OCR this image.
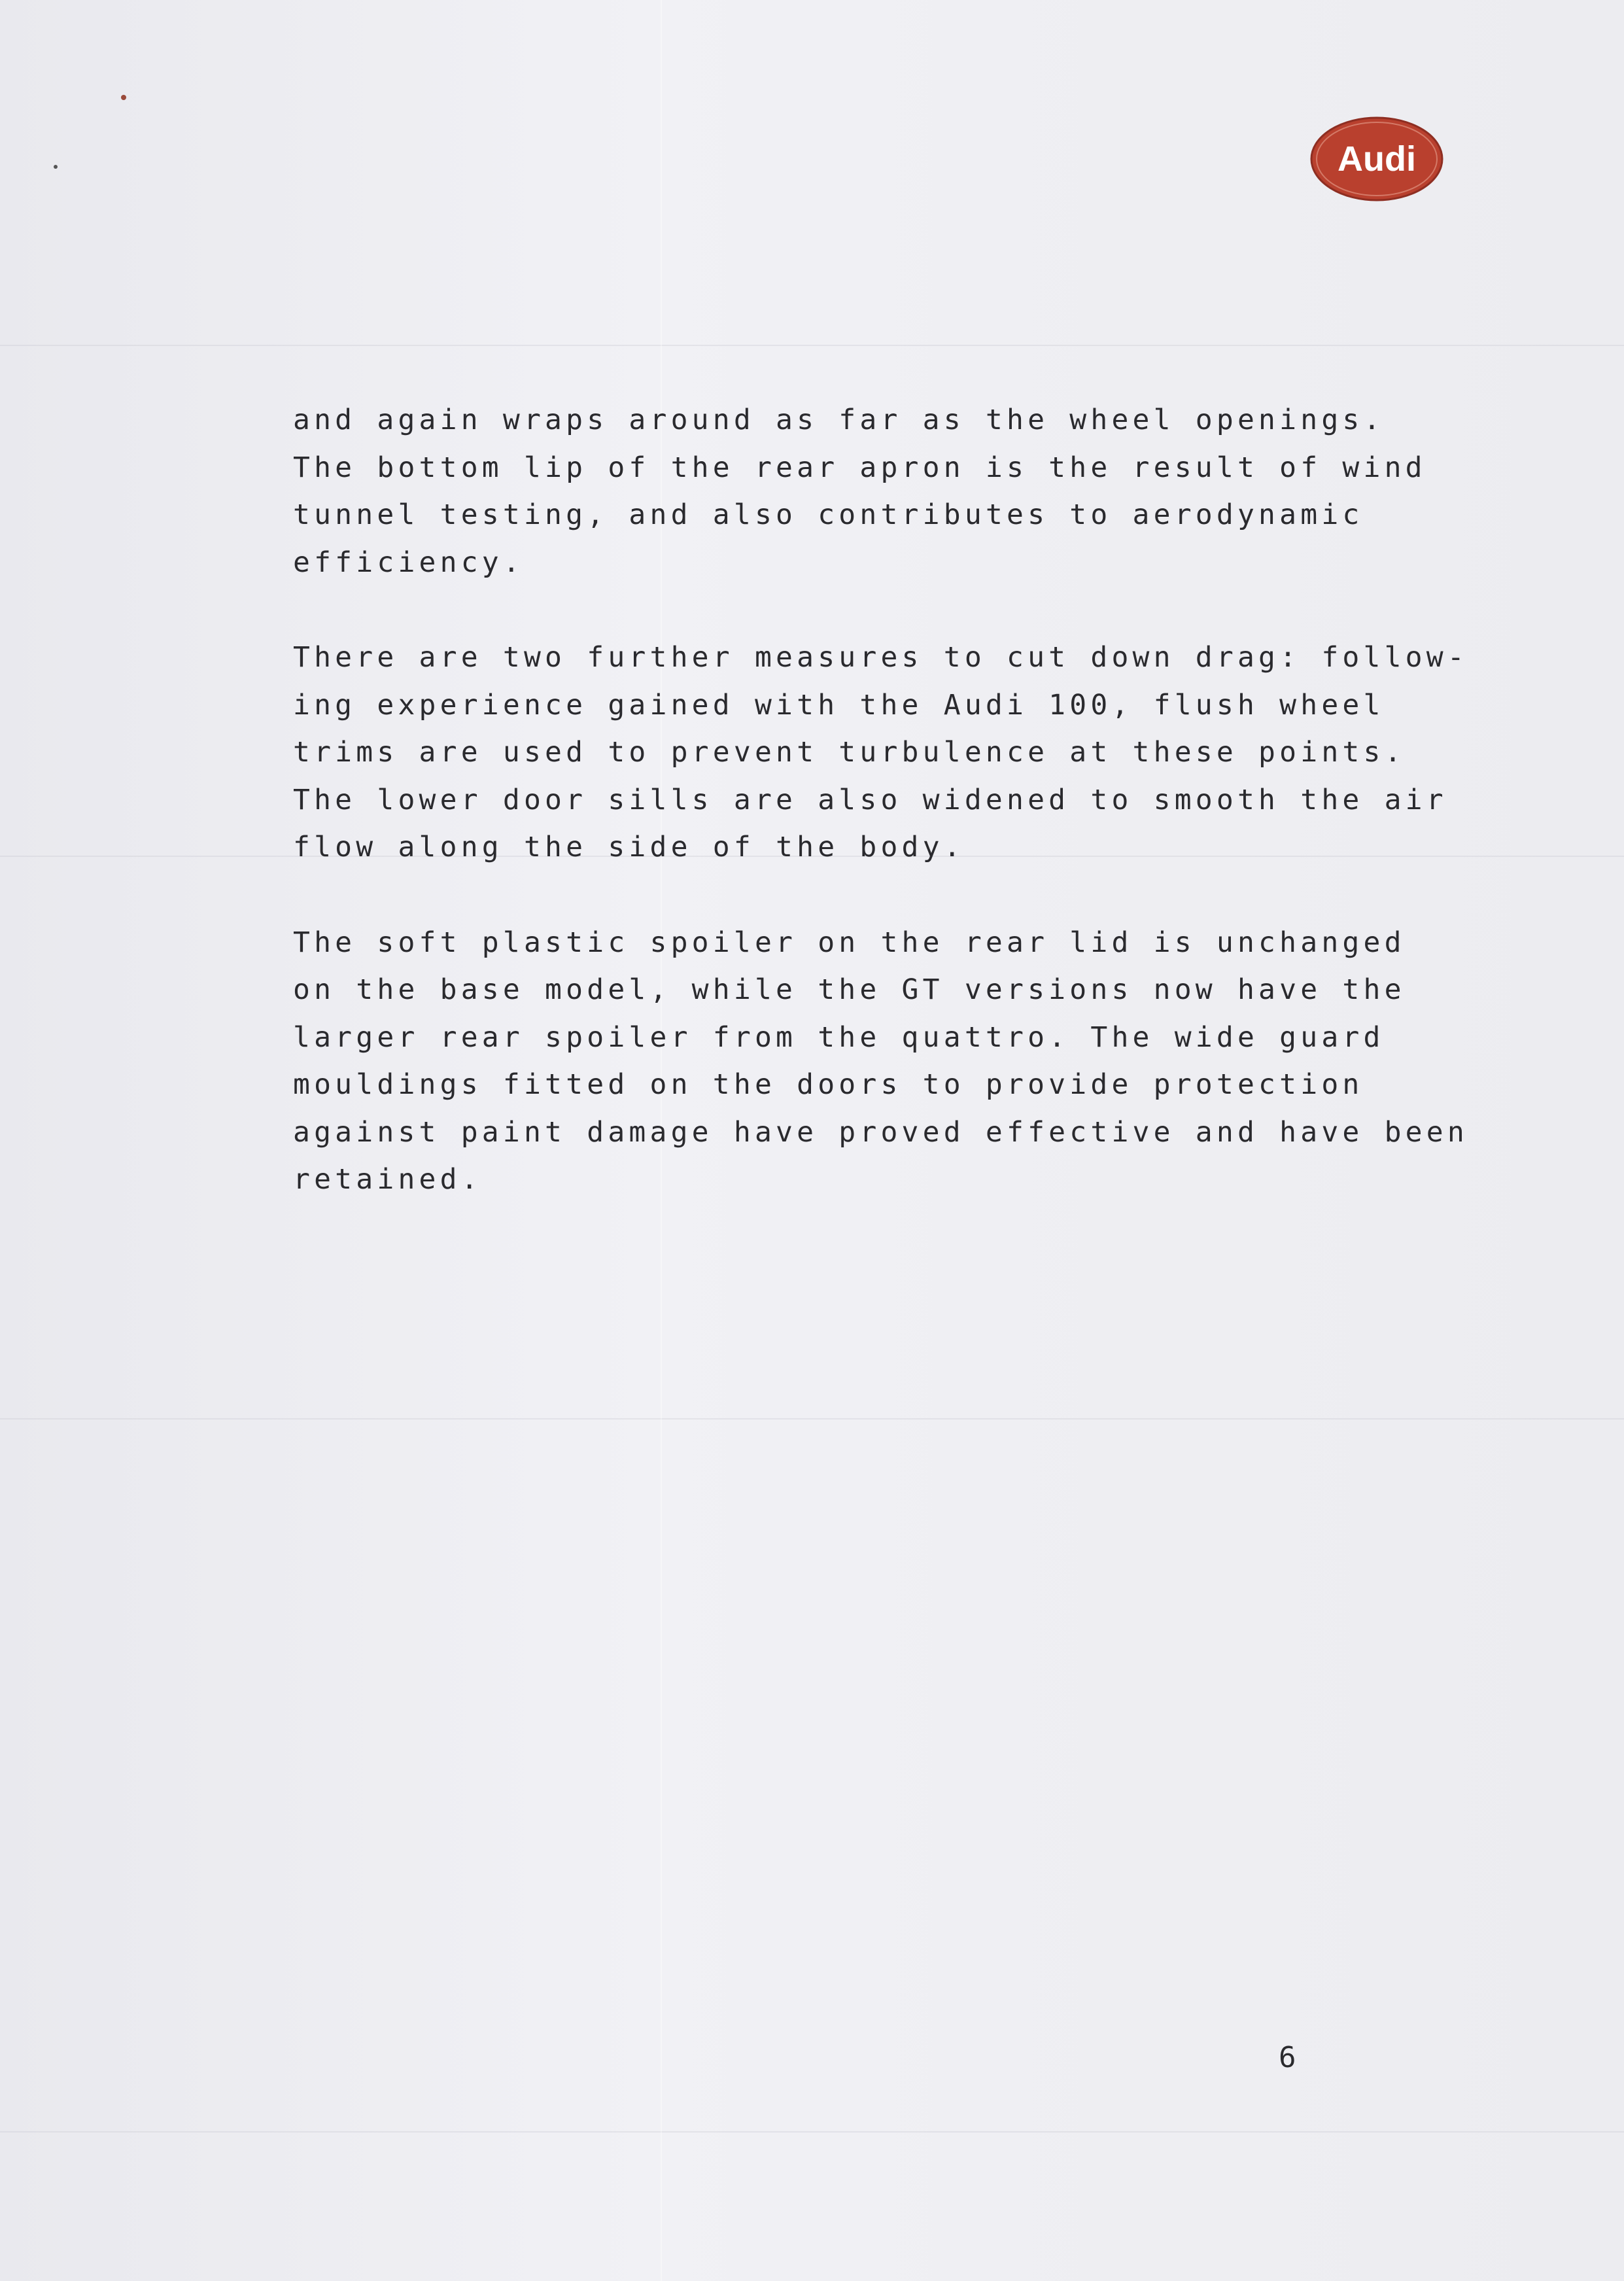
Audi
and again wraps around as far as the wheel openings.
The bottom lip of the rear apron is the result of wind
tunnel testing, and also contributes to aerodynamic
efficiency.
There are two further measures to cut down drag: follow-
ing experience gained with the Audi 100, flush wheel
trims are used to prevent turbulence at these points.
The lower door sills are also widened to smooth the air
flow along the side of the body.
The soft plastic spoiler on the rear lid is unchanged
on the base model, while the GT versions now have the
larger rear spoiler from the quattro. The wide guard
mouldings fitted on the doors to provide protection
against paint damage have proved effective and have been
retained.
6
